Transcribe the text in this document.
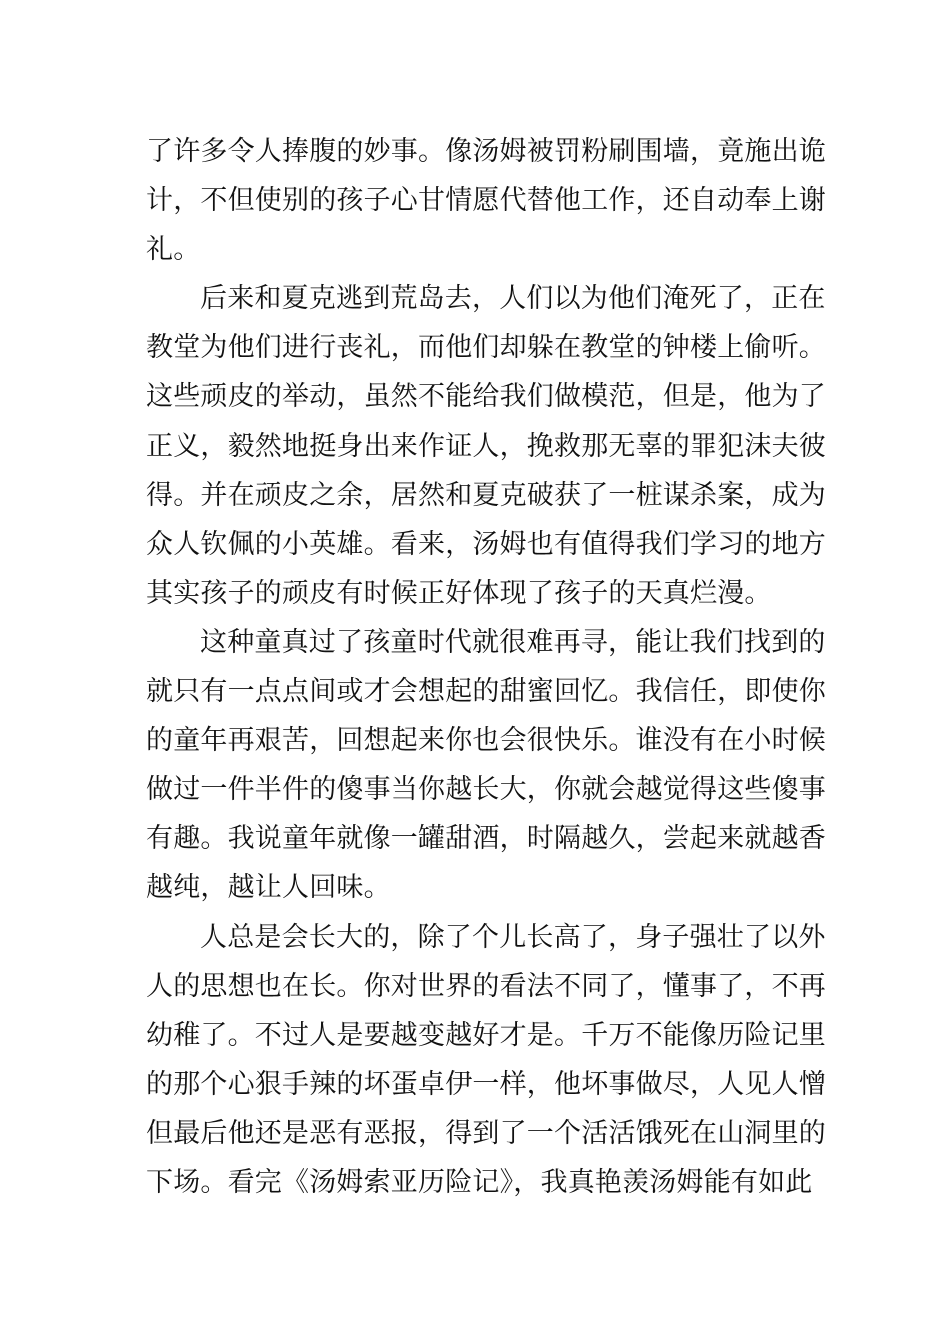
了许多令人捧腹的妙事。像汤姆被罚粉刷围墙，竟施出诡
计，不但使别的孩子心甘情愿代替他工作，还自动奉上谢
礼。
后来和夏克逃到荒岛去，人们以为他们淹死了，正在
教堂为他们进行丧礼，而他们却躲在教堂的钟楼上偷听。
这些顽皮的举动，虽然不能给我们做模范，但是，他为了
正义，毅然地挺身出来作证人，挽救那无辜的罪犯沫夫彼
得。并在顽皮之余，居然和夏克破获了一桩谋杀案，成为
众人钦佩的小英雄。看来，汤姆也有值得我们学习的地方
其实孩子的顽皮有时候正好体现了孩子的天真烂漫。
这种童真过了孩童时代就很难再寻，能让我们找到的
就只有一点点间或才会想起的甜蜜回忆。我信任，即使你
的童年再艰苦，回想起来你也会很快乐。谁没有在小时候
做过一件半件的傻事当你越长大，你就会越觉得这些傻事
有趣。我说童年就像一罐甜酒，时隔越久，尝起来就越香
越纯，越让人回味。
人总是会长大的，除了个儿长高了，身子强壮了以外
人的思想也在长。你对世界的看法不同了，懂事了，不再
幼稚了。不过人是要越变越好才是。千万不能像历险记里
的那个心狠手辣的坏蛋卓伊一样，他坏事做尽，人见人憎
但最后他还是恶有恶报，得到了一个活活饿死在山洞里的
下场。看完《汤姆索亚历险记》，我真艳羡汤姆能有如此
